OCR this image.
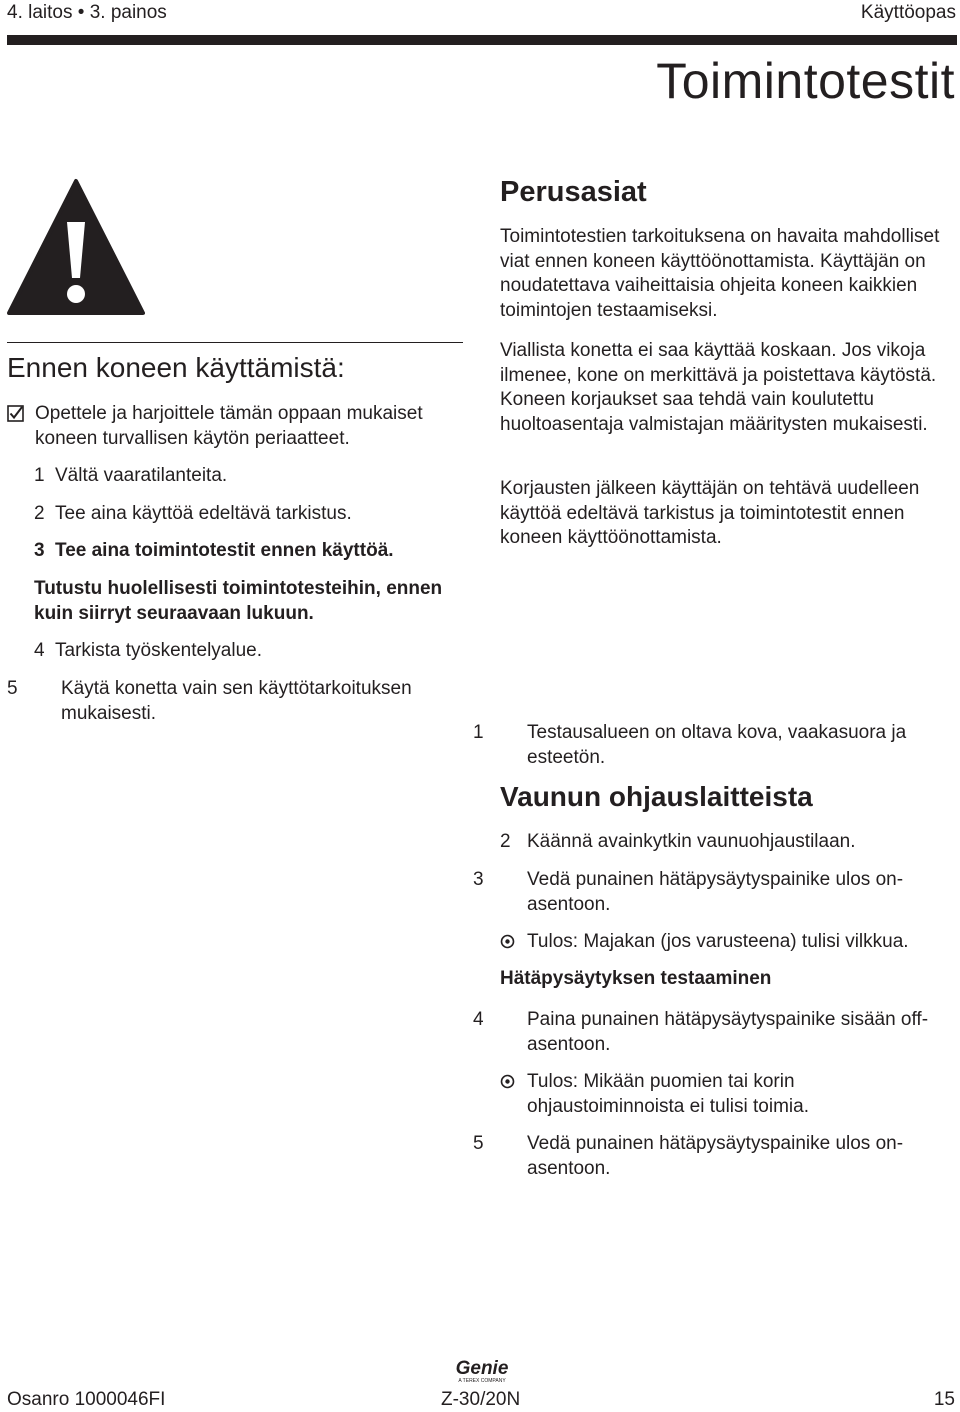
4. laitos • 3. painos	Käyttöopas
Toimintotestit
Ennen koneen käyttämistä:
Opettele ja harjoittele tämän oppaan mukaiset koneen turvallisen käytön periaatteet.
1 Vältä vaaratilanteita.
2 Tee aina käyttöä edeltävä tarkistus.
3 Tee aina toimintotestit ennen käyttöä.
Tutustu huolellisesti toimintotesteihin, ennen kuin siirryt seuraavaan lukuun.
4 Tarkista työskentelyalue.
5 Käytä konetta vain sen käyttötarkoituksen mukaisesti.
Perusasiat
Toimintotestien tarkoituksena on havaita mahdolliset viat ennen koneen käyttöönottamista. Käyttäjän on noudatettava vaiheittaisia ohjeita koneen kaikkien toimintojen testaamiseksi.
Viallista konetta ei saa käyttää koskaan. Jos vikoja ilmenee, kone on merkittävä ja poistettava käytöstä. Koneen korjaukset saa tehdä vain koulutettu huoltoasentaja valmistajan määritysten mukaisesti.
Korjausten jälkeen käyttäjän on tehtävä uudelleen käyttöä edeltävä tarkistus ja toimintotestit ennen koneen käyttöönottamista.
1 Testausalueen on oltava kova, vaakasuora ja esteetön.
Vaunun ohjauslaitteista
2 Käännä avainkytkin vaunuohjaustilaan.
3 Vedä punainen hätäpysäytyspainike ulos on-asentoon.
Tulos: Majakan (jos varusteena) tulisi vilkkua.
Hätäpysäytyksen testaaminen
4 Paina punainen hätäpysäytyspainike sisään off-asentoon.
Tulos: Mikään puomien tai korin ohjaustoiminnoista ei tulisi toimia.
5 Vedä punainen hätäpysäytyspainike ulos on-asentoon.
Genie
A TEREX COMPANY
Osanro 1000046FI	Z-30/20N	15
